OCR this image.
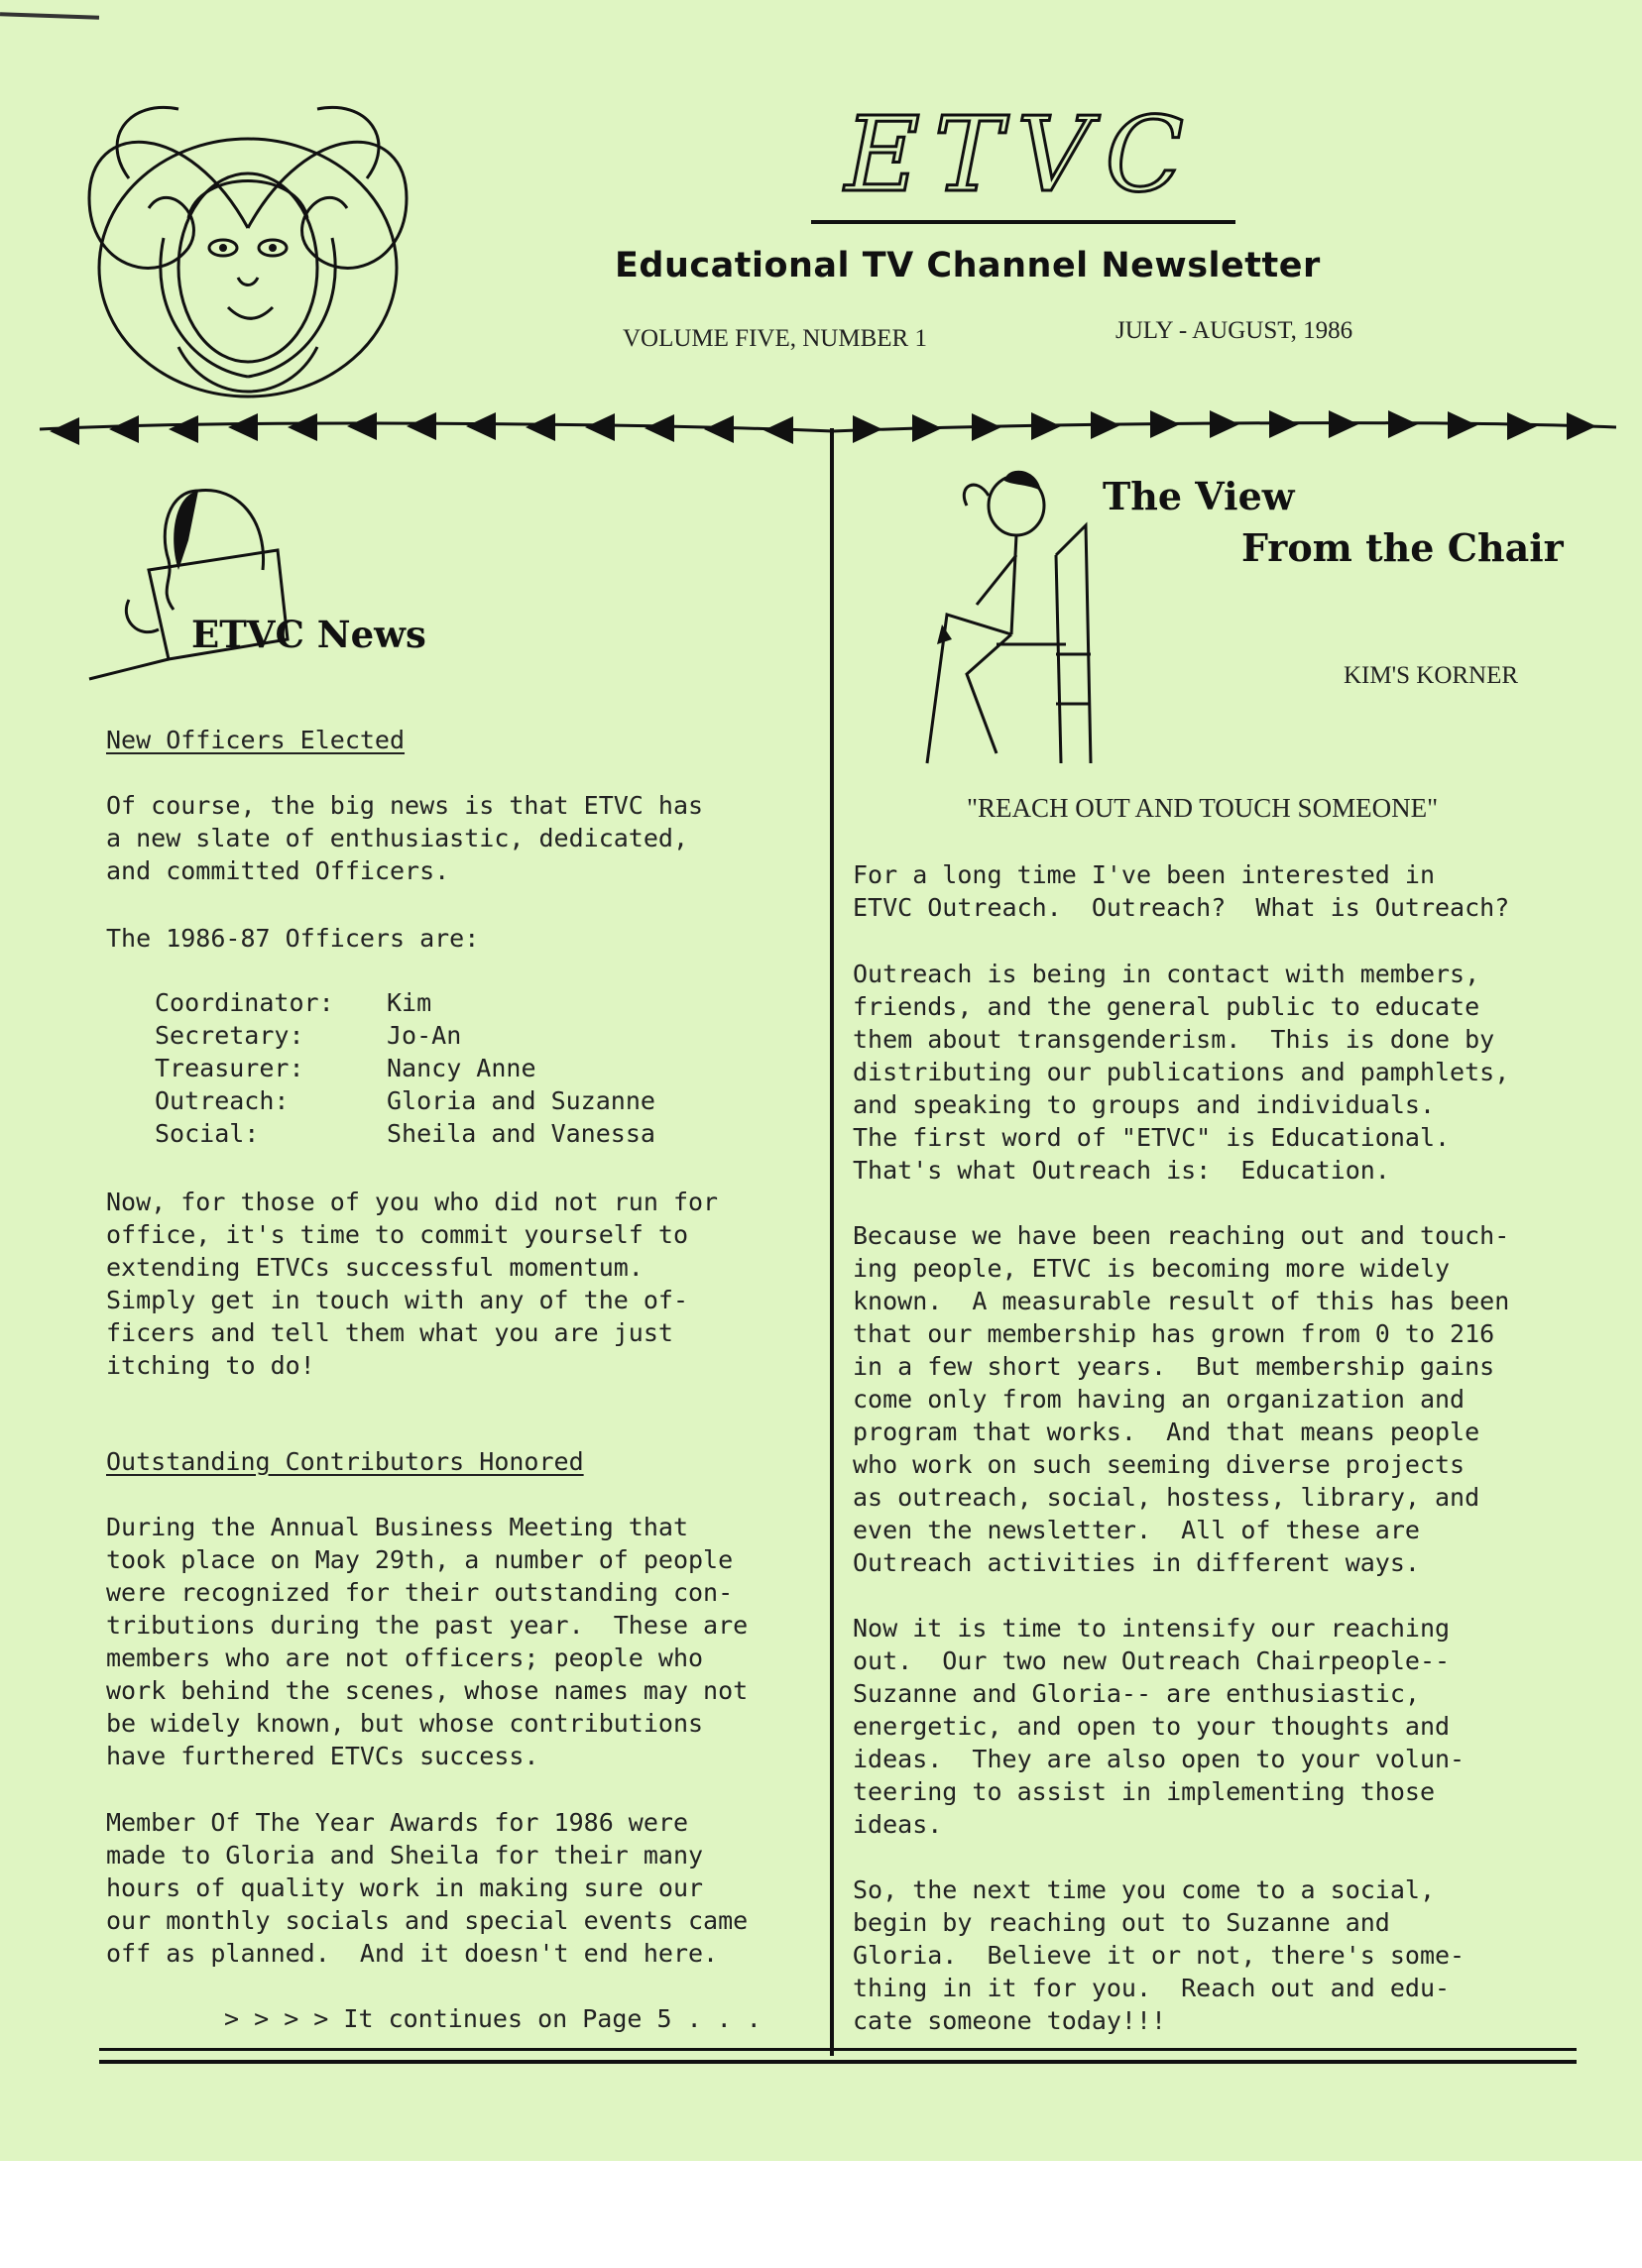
ETVC
Educational TV Channel Newsletter
VOLUME FIVE, NUMBER 1	JULY - AUGUST, 1986
ETVC News
New Officers Elected
Of course, the big news is that ETVC has
a new slate of enthusiastic, dedicated,
and committed Officers.
The 1986-87 Officers are:
Coordinator: Kim
Secretary:	Jo-An
Treasurer:	Nancy Anne
Outreach:	Gloria and Suzanne
Social:	Sheila and Vanessa
Now, for those of you who did not run for
office, it's time to commit yourself to
extending ETVCs successful momentum.
Simply get in touch with any of the of-
ficers and tell them what you are just
itching to do!
Outstanding Contributors Honored
During the Annual Business Meeting that
took place on May 29th, a number of people
were recognized for their outstanding con-
tributions during the past year.  These are
members who are not officers; people who
work behind the scenes, whose names may not
be widely known, but whose contributions
have furthered ETVCs success.
Member Of The Year Awards for 1986 were
made to Gloria and Sheila for their many
hours of quality work in making sure our
our monthly socials and special events came
off as planned.  And it doesn't end here.
> > > > It continues on Page 5 . . .
The View
From the Chair
KIM'S KORNER
"REACH OUT AND TOUCH SOMEONE"
For a long time I've been interested in
ETVC Outreach.  Outreach?  What is Outreach?
Outreach is being in contact with members,
friends, and the general public to educate
them about transgenderism.  This is done by
distributing our publications and pamphlets,
and speaking to groups and individuals.
The first word of "ETVC" is Educational.
That's what Outreach is:  Education.
Because we have been reaching out and touch-
ing people, ETVC is becoming more widely
known.  A measurable result of this has been
that our membership has grown from 0 to 216
in a few short years.  But membership gains
come only from having an organization and
program that works.  And that means people
who work on such seeming diverse projects
as outreach, social, hostess, library, and
even the newsletter.  All of these are
Outreach activities in different ways.
Now it is time to intensify our reaching
out.  Our two new Outreach Chairpeople--
Suzanne and Gloria-- are enthusiastic,
energetic, and open to your thoughts and
ideas.  They are also open to your volun-
teering to assist in implementing those
ideas.
So, the next time you come to a social,
begin by reaching out to Suzanne and
Gloria.  Believe it or not, there's some-
thing in it for you.  Reach out and edu-
cate someone today!!!
